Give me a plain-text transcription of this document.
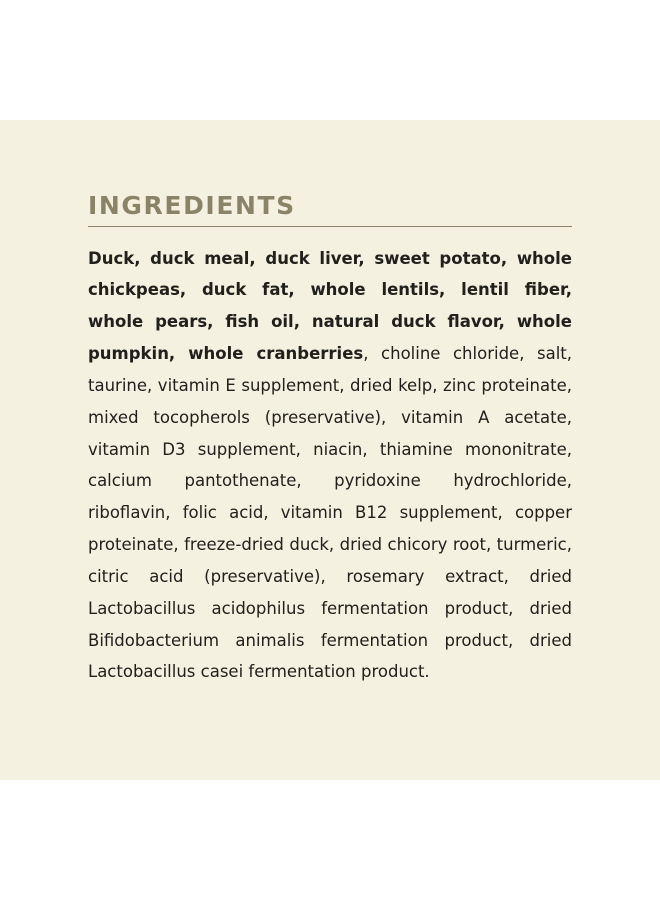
INGREDIENTS

Duck, duck meal, duck liver, sweet potato, whole chickpeas, duck fat, whole lentils, lentil fiber, whole pears, fish oil, natural duck flavor, whole pumpkin, whole cranberries, choline chloride, salt, taurine, vitamin E supplement, dried kelp, zinc proteinate, mixed tocopherols (preservative), vitamin A acetate, vitamin D3 supplement, niacin, thiamine mononitrate, calcium pantothenate, pyridoxine hydrochloride, riboflavin, folic acid, vitamin B12 supplement, copper proteinate, freeze-dried duck, dried chicory root, turmeric, citric acid (preservative), rosemary extract, dried Lactobacillus acidophilus fermentation product, dried Bifidobacterium animalis fermentation product, dried Lactobacillus casei fermentation product.
